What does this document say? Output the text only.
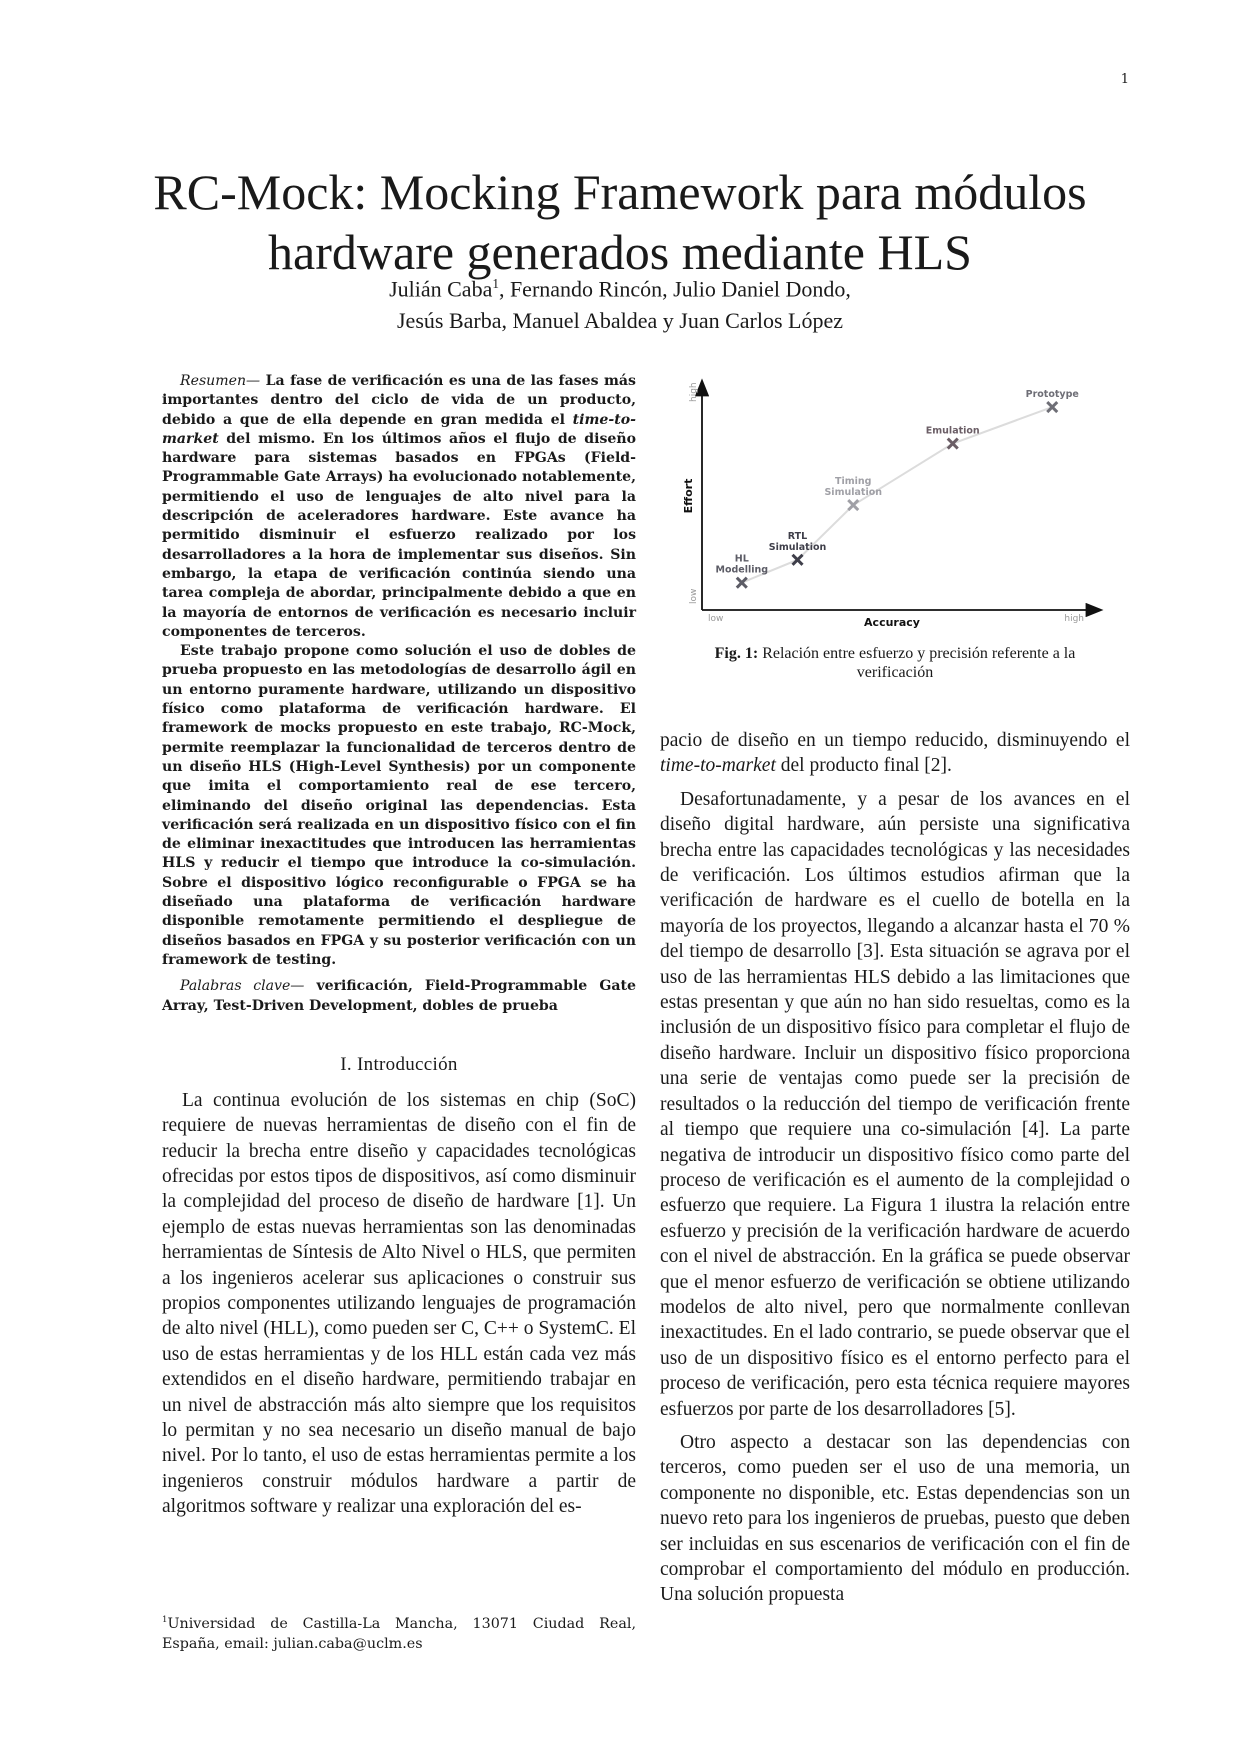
1
RC-Mock: Mocking Framework para módulos
hardware generados mediante HLS
Julián Caba$^1$, Fernando Rincón, Julio Daniel Dondo,
Jesús Barba, Manuel Abaldea y Juan Carlos López

Resumen— La fase de verificación es una de las fases más importantes dentro del ciclo de vida de un producto, debido a que de ella depende en gran medida el time-to-market del mismo. En los últimos años el flujo de diseño hardware para sistemas basados en FPGAs (Field-Programmable Gate Arrays) ha evolucionado notablemente, permitiendo el uso de lenguajes de alto nivel para la descripción de aceleradores hardware. Este avance ha permitido disminuir el esfuerzo realizado por los desarrolladores a la hora de implementar sus diseños. Sin embargo, la etapa de verificación continúa siendo una tarea compleja de abordar, principalmente debido a que en la mayoría de entornos de verificación es necesario incluir componentes de terceros.

Este trabajo propone como solución el uso de dobles de prueba propuesto en las metodologías de desarrollo ágil en un entorno puramente hardware, utilizando un dispositivo físico como plataforma de verificación hardware. El framework de mocks propuesto en este trabajo, RC-Mock, permite reemplazar la funcionalidad de terceros dentro de un diseño HLS (High-Level Synthesis) por un componente que imita el comportamiento real de ese tercero, eliminando del diseño original las dependencias. Esta verificación será realizada en un dispositivo físico con el fin de eliminar inexactitudes que introducen las herramientas HLS y reducir el tiempo que introduce la co-simulación. Sobre el dispositivo lógico reconfigurable o FPGA se ha diseñado una plataforma de verificación hardware disponible remotamente permitiendo el despliegue de diseños basados en FPGA y su posterior verificación con un framework de testing.

Palabras clave— verificación, Field-Programmable Gate Array, Test-Driven Development, dobles de prueba

I. Introducción

La continua evolución de los sistemas en chip (SoC) requiere de nuevas herramientas de diseño con el fin de reducir la brecha entre diseño y capacidades tecnológicas ofrecidas por estos tipos de dispositivos, así como disminuir la complejidad del proceso de diseño de hardware [1]. Un ejemplo de estas nuevas herramientas son las denominadas herramientas de Síntesis de Alto Nivel o HLS, que permiten a los ingenieros acelerar sus aplicaciones o construir sus propios componentes utilizando lenguajes de programación de alto nivel (HLL), como pueden ser C, C++ o SystemC. El uso de estas herramientas y de los HLL están cada vez más extendidos en el diseño hardware, permitiendo trabajar en un nivel de abstracción más alto siempre que los requisitos lo permitan y no sea necesario un diseño manual de bajo nivel. Por lo tanto, el uso de estas herramientas permite a los ingenieros construir módulos hardware a partir de algoritmos software y realizar una exploración del es-

$^1$Universidad de Castilla-La Mancha, 13071 Ciudad Real, España, email: julian.caba@uclm.es
Effort
Accuracy
low
high
low	high
HL
Modelling
RTL
Simulation
Timing
Simulation
Emulation
Prototype
Fig. 1: Relación entre esfuerzo y precisión referente a la verificación

pacio de diseño en un tiempo reducido, disminuyendo el time-to-market del producto final [2].

Desafortunadamente, y a pesar de los avances en el diseño digital hardware, aún persiste una significativa brecha entre las capacidades tecnológicas y las necesidades de verificación. Los últimos estudios afirman que la verificación de hardware es el cuello de botella en la mayoría de los proyectos, llegando a alcanzar hasta el 70 % del tiempo de desarrollo [3]. Esta situación se agrava por el uso de las herramientas HLS debido a las limitaciones que estas presentan y que aún no han sido resueltas, como es la inclusión de un dispositivo físico para completar el flujo de diseño hardware. Incluir un dispositivo físico proporciona una serie de ventajas como puede ser la precisión de resultados o la reducción del tiempo de verificación frente al tiempo que requiere una co-simulación [4]. La parte negativa de introducir un dispositivo físico como parte del proceso de verificación es el aumento de la complejidad o esfuerzo que requiere. La Figura 1 ilustra la relación entre esfuerzo y precisión de la verificación hardware de acuerdo con el nivel de abstracción. En la gráfica se puede observar que el menor esfuerzo de verificación se obtiene utilizando modelos de alto nivel, pero que normalmente conllevan inexactitudes. En el lado contrario, se puede observar que el uso de un dispositivo físico es el entorno perfecto para el proceso de verificación, pero esta técnica requiere mayores esfuerzos por parte de los desarrolladores [5].

Otro aspecto a destacar son las dependencias con terceros, como pueden ser el uso de una memoria, un componente no disponible, etc. Estas dependencias son un nuevo reto para los ingenieros de pruebas, puesto que deben ser incluidas en sus escenarios de verificación con el fin de comprobar el comportamiento del módulo en producción. Una solución propuesta
